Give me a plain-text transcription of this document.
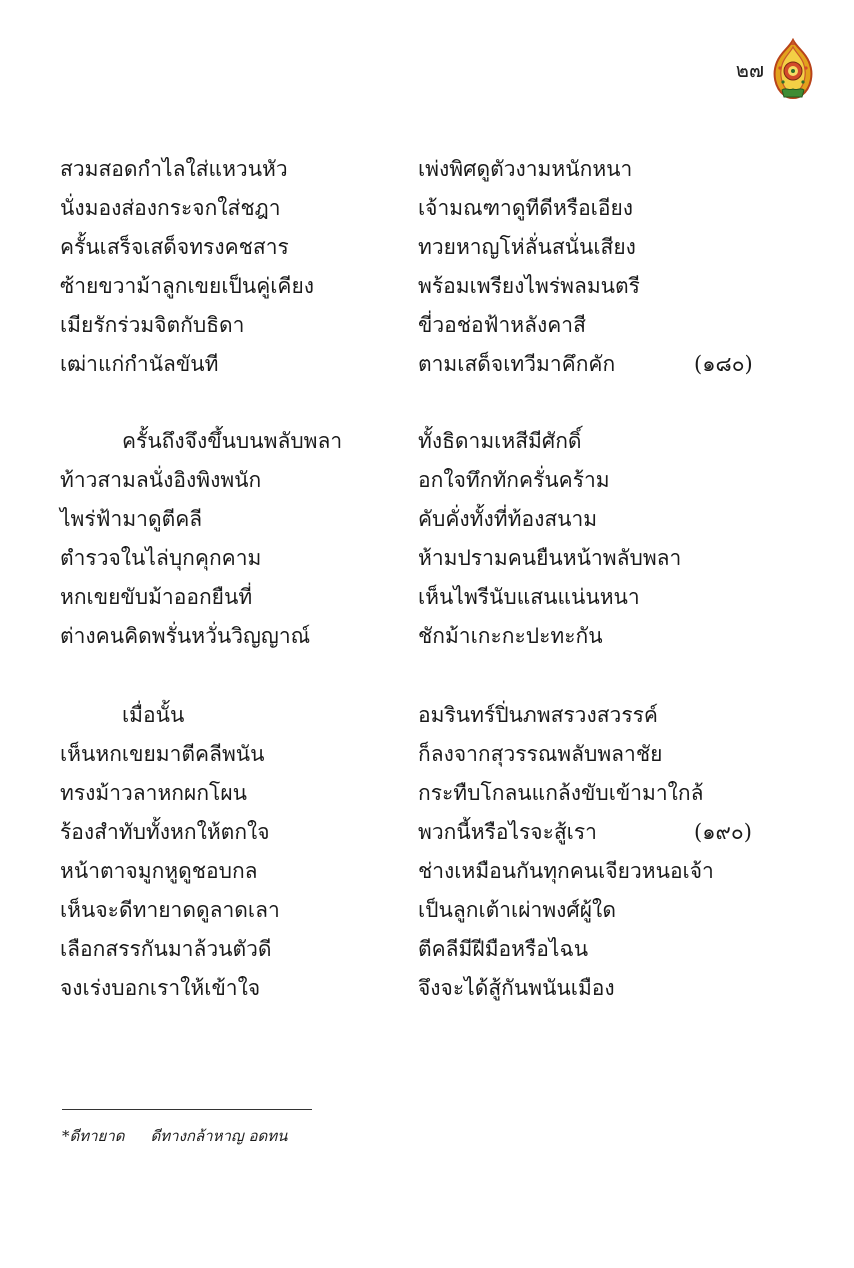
๒๗
สวมสอดกำไลใส่แหวนหัว	เพ่งพิศดูตัวงามหนักหนา
นั่งมองส่องกระจกใส่ชฎา	เจ้ามณฑาดูทีดีหรือเอียง
ครั้นเสร็จเสด็จทรงคชสาร	ทวยหาญโห่ลั่นสนั่นเสียง
ซ้ายขวาม้าลูกเขยเป็นคู่เคียง	พร้อมเพรียงไพร่พลมนตรี
เมียรักร่วมจิตกับธิดา	ขี่วอช่อฟ้าหลังคาสี
เฒ่าแก่กำนัลขันที	ตามเสด็จเทวีมาคึกคัก	(๑๘๐)
ครั้นถึงจึงขึ้นบนพลับพลา	ทั้งธิดามเหสีมีศักดิ์
ท้าวสามลนั่งอิงพิงพนัก	อกใจทึกทักครั่นคร้าม
ไพร่ฟ้ามาดูตีคลี	คับคั่งทั้งที่ท้องสนาม
ตำรวจในไล่บุกคุกคาม	ห้ามปรามคนยืนหน้าพลับพลา
หกเขยขับม้าออกยืนที่	เห็นไพรีนับแสนแน่นหนา
ต่างคนคิดพรั่นหวั่นวิญญาณ์	ชักม้าเกะกะปะทะกัน
เมื่อนั้น	อมรินทร์ปิ่นภพสรวงสวรรค์
เห็นหกเขยมาตีคลีพนัน	ก็ลงจากสุวรรณพลับพลาชัย
ทรงม้าวลาหกผกโผน	กระทืบโกลนแกล้งขับเข้ามาใกล้
ร้องสำทับทั้งหกให้ตกใจ	พวกนี้หรือไรจะสู้เรา	(๑๙๐)
หน้าตาจมูกหูดูชอบกล	ช่างเหมือนกันทุกคนเจียวหนอเจ้า
เห็นจะดีทายาดดูลาดเลา	เป็นลูกเต้าเผ่าพงศ์ผู้ใด
เลือกสรรกันมาล้วนตัวดี	ตีคลีมีฝีมือหรือไฉน
จงเร่งบอกเราให้เข้าใจ	จึงจะได้สู้กันพนันเมือง
*ดีทายาด ดีทางกล้าหาญ อดทน
